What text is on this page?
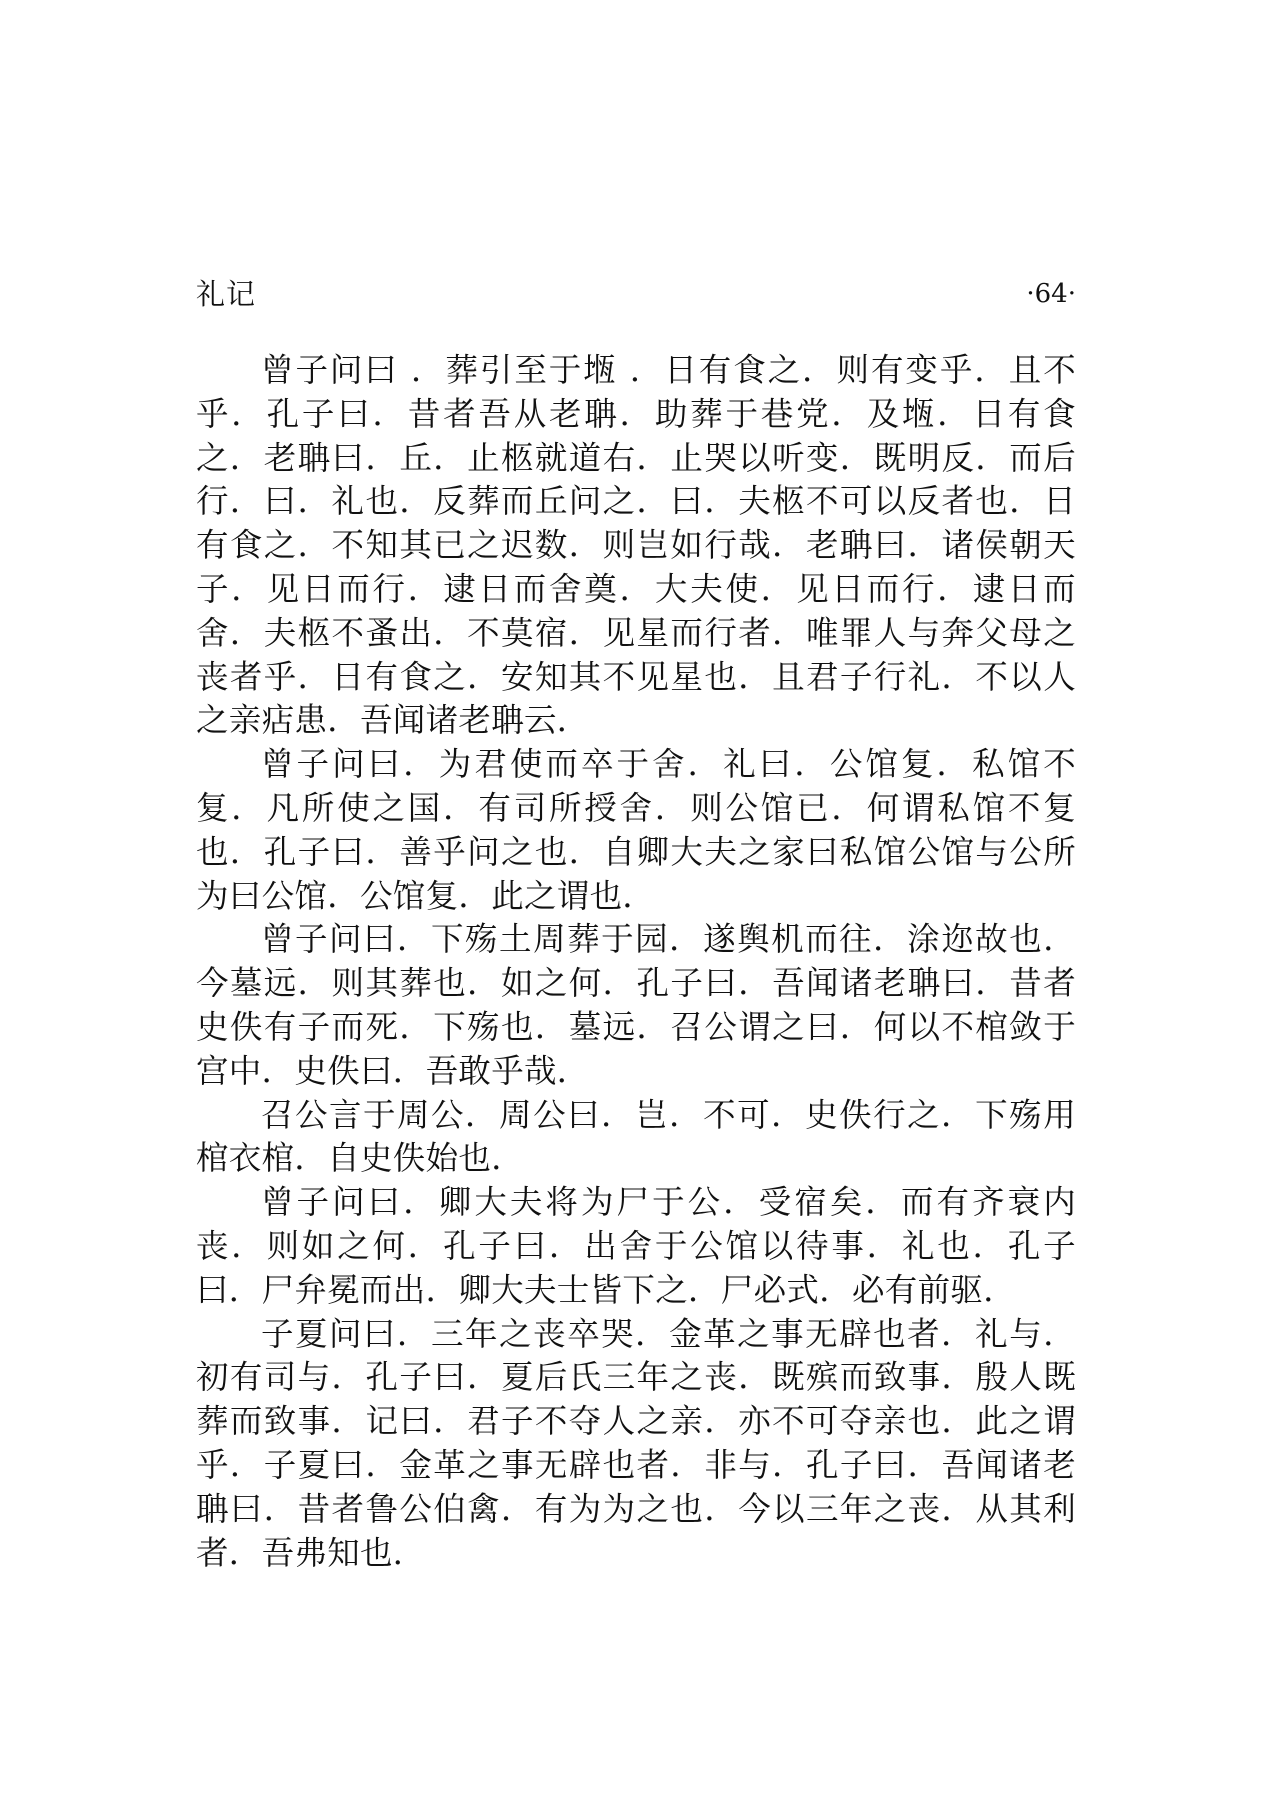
礼记	·64·

曾子问曰 ．葬引至于堩 ．日有食之．则有变乎．且不乎．孔子曰．昔者吾从老聃．助葬于巷党．及堩．日有食之．老聃曰．丘．止柩就道右．止哭以听变．既明反．而后行．曰．礼也．反葬而丘问之．曰．夫柩不可以反者也．日有食之．不知其已之迟数．则岂如行哉．老聃曰．诸侯朝天子．见日而行．逮日而舍奠．大夫使．见日而行．逮日而舍．夫柩不蚤出．不莫宿．见星而行者．唯罪人与奔父母之丧者乎．日有食之．安知其不见星也．且君子行礼．不以人之亲痁患．吾闻诸老聃云．

曾子问曰．为君使而卒于舍．礼曰．公馆复．私馆不复．凡所使之国．有司所授舍．则公馆已．何谓私馆不复也．孔子曰．善乎问之也．自卿大夫之家曰私馆公馆与公所为曰公馆．公馆复．此之谓也．

曾子问曰．下殇土周葬于园．遂舆机而往．涂迩故也．今墓远．则其葬也．如之何．孔子曰．吾闻诸老聃曰．昔者史佚有子而死．下殇也．墓远．召公谓之曰．何以不棺敛于宫中．史佚曰．吾敢乎哉．

召公言于周公．周公曰．岂．不可．史佚行之．下殇用棺衣棺．自史佚始也．

曾子问曰．卿大夫将为尸于公．受宿矣．而有齐衰内丧．则如之何．孔子曰．出舍于公馆以待事．礼也．孔子曰．尸弁冕而出．卿大夫士皆下之．尸必式．必有前驱．

子夏问曰．三年之丧卒哭．金革之事无辟也者．礼与．初有司与．孔子曰．夏后氏三年之丧．既殡而致事．殷人既葬而致事．记曰．君子不夺人之亲．亦不可夺亲也．此之谓乎．子夏曰．金革之事无辟也者．非与．孔子曰．吾闻诸老聃曰．昔者鲁公伯禽．有为为之也．今以三年之丧．从其利者．吾弗知也．
